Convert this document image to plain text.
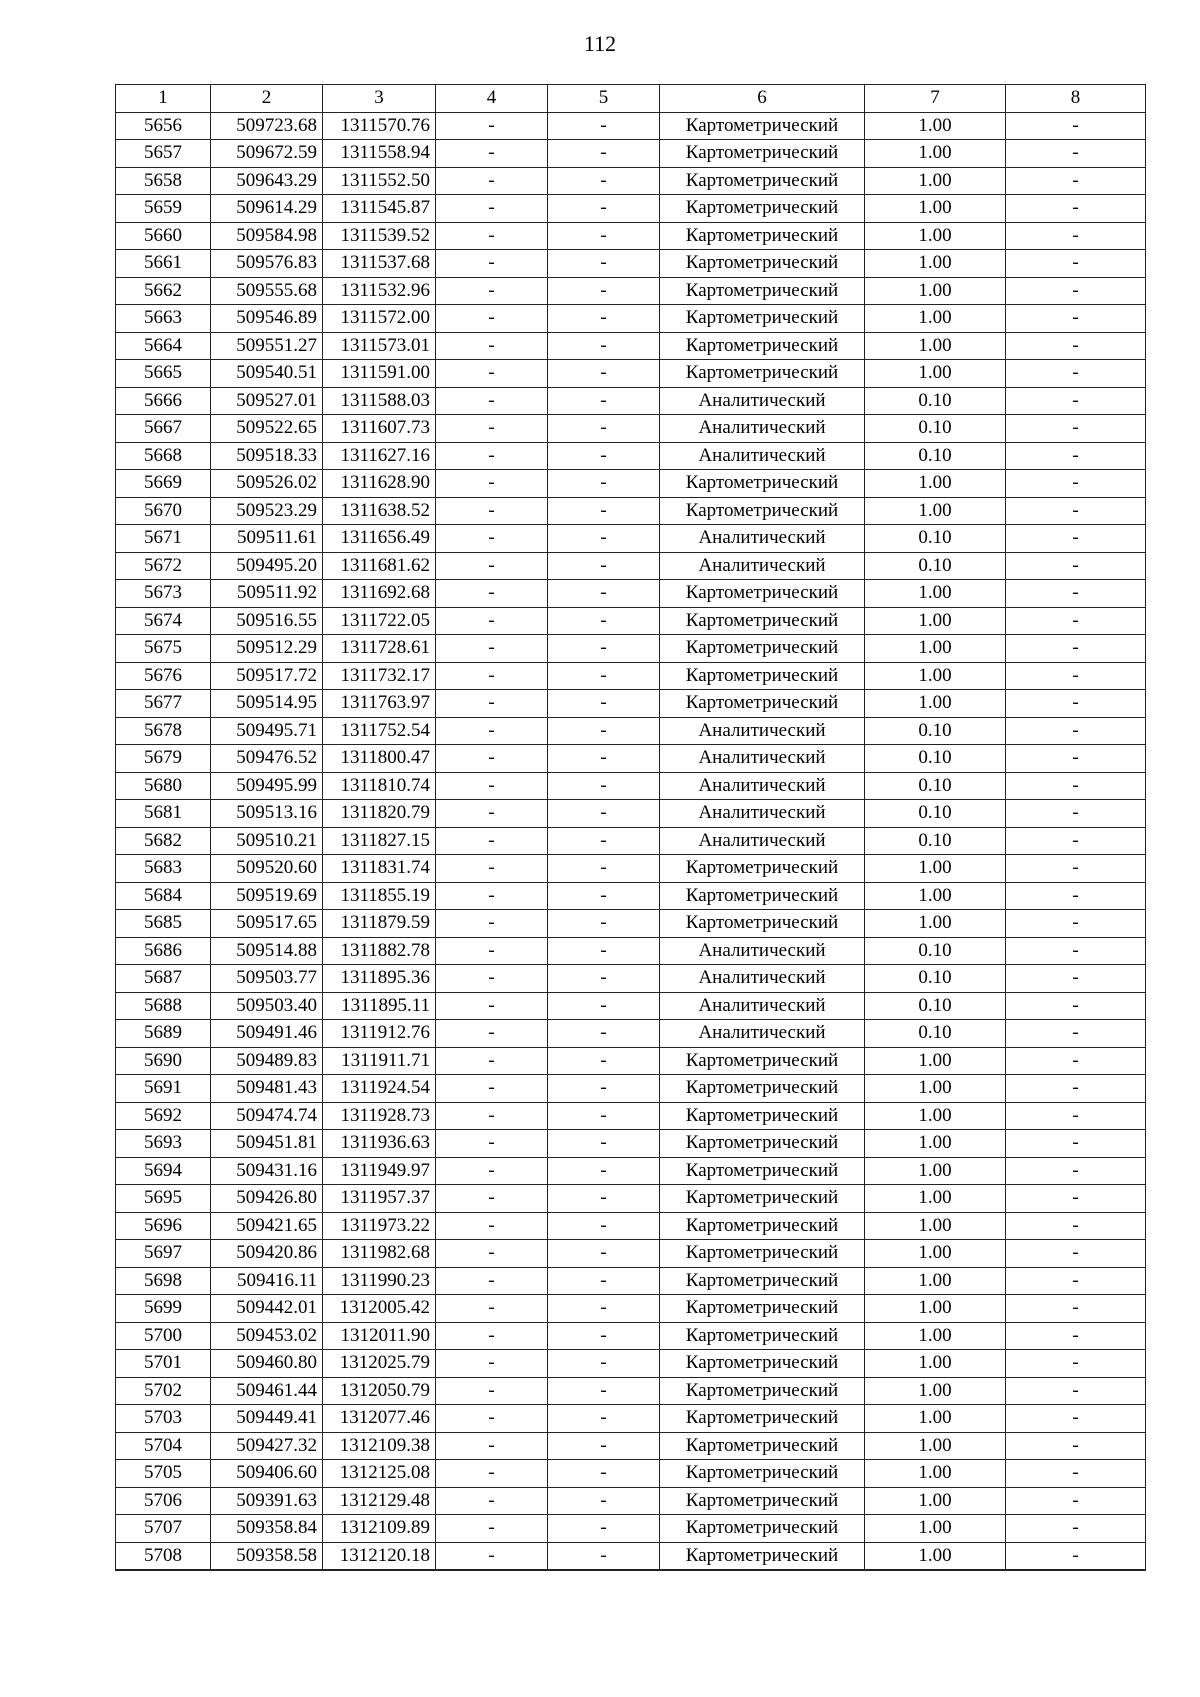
112
1	2	3	4	5	6	7	8
5656	509723.68	1311570.76	-	-	Картометрический	1.00	-
5657	509672.59	1311558.94	-	-	Картометрический	1.00	-
5658	509643.29	1311552.50	-	-	Картометрический	1.00	-
5659	509614.29	1311545.87	-	-	Картометрический	1.00	-
5660	509584.98	1311539.52	-	-	Картометрический	1.00	-
5661	509576.83	1311537.68	-	-	Картометрический	1.00	-
5662	509555.68	1311532.96	-	-	Картометрический	1.00	-
5663	509546.89	1311572.00	-	-	Картометрический	1.00	-
5664	509551.27	1311573.01	-	-	Картометрический	1.00	-
5665	509540.51	1311591.00	-	-	Картометрический	1.00	-
5666	509527.01	1311588.03	-	-	Аналитический	0.10	-
5667	509522.65	1311607.73	-	-	Аналитический	0.10	-
5668	509518.33	1311627.16	-	-	Аналитический	0.10	-
5669	509526.02	1311628.90	-	-	Картометрический	1.00	-
5670	509523.29	1311638.52	-	-	Картометрический	1.00	-
5671	509511.61	1311656.49	-	-	Аналитический	0.10	-
5672	509495.20	1311681.62	-	-	Аналитический	0.10	-
5673	509511.92	1311692.68	-	-	Картометрический	1.00	-
5674	509516.55	1311722.05	-	-	Картометрический	1.00	-
5675	509512.29	1311728.61	-	-	Картометрический	1.00	-
5676	509517.72	1311732.17	-	-	Картометрический	1.00	-
5677	509514.95	1311763.97	-	-	Картометрический	1.00	-
5678	509495.71	1311752.54	-	-	Аналитический	0.10	-
5679	509476.52	1311800.47	-	-	Аналитический	0.10	-
5680	509495.99	1311810.74	-	-	Аналитический	0.10	-
5681	509513.16	1311820.79	-	-	Аналитический	0.10	-
5682	509510.21	1311827.15	-	-	Аналитический	0.10	-
5683	509520.60	1311831.74	-	-	Картометрический	1.00	-
5684	509519.69	1311855.19	-	-	Картометрический	1.00	-
5685	509517.65	1311879.59	-	-	Картометрический	1.00	-
5686	509514.88	1311882.78	-	-	Аналитический	0.10	-
5687	509503.77	1311895.36	-	-	Аналитический	0.10	-
5688	509503.40	1311895.11	-	-	Аналитический	0.10	-
5689	509491.46	1311912.76	-	-	Аналитический	0.10	-
5690	509489.83	1311911.71	-	-	Картометрический	1.00	-
5691	509481.43	1311924.54	-	-	Картометрический	1.00	-
5692	509474.74	1311928.73	-	-	Картометрический	1.00	-
5693	509451.81	1311936.63	-	-	Картометрический	1.00	-
5694	509431.16	1311949.97	-	-	Картометрический	1.00	-
5695	509426.80	1311957.37	-	-	Картометрический	1.00	-
5696	509421.65	1311973.22	-	-	Картометрический	1.00	-
5697	509420.86	1311982.68	-	-	Картометрический	1.00	-
5698	509416.11	1311990.23	-	-	Картометрический	1.00	-
5699	509442.01	1312005.42	-	-	Картометрический	1.00	-
5700	509453.02	1312011.90	-	-	Картометрический	1.00	-
5701	509460.80	1312025.79	-	-	Картометрический	1.00	-
5702	509461.44	1312050.79	-	-	Картометрический	1.00	-
5703	509449.41	1312077.46	-	-	Картометрический	1.00	-
5704	509427.32	1312109.38	-	-	Картометрический	1.00	-
5705	509406.60	1312125.08	-	-	Картометрический	1.00	-
5706	509391.63	1312129.48	-	-	Картометрический	1.00	-
5707	509358.84	1312109.89	-	-	Картометрический	1.00	-
5708	509358.58	1312120.18	-	-	Картометрический	1.00	-
